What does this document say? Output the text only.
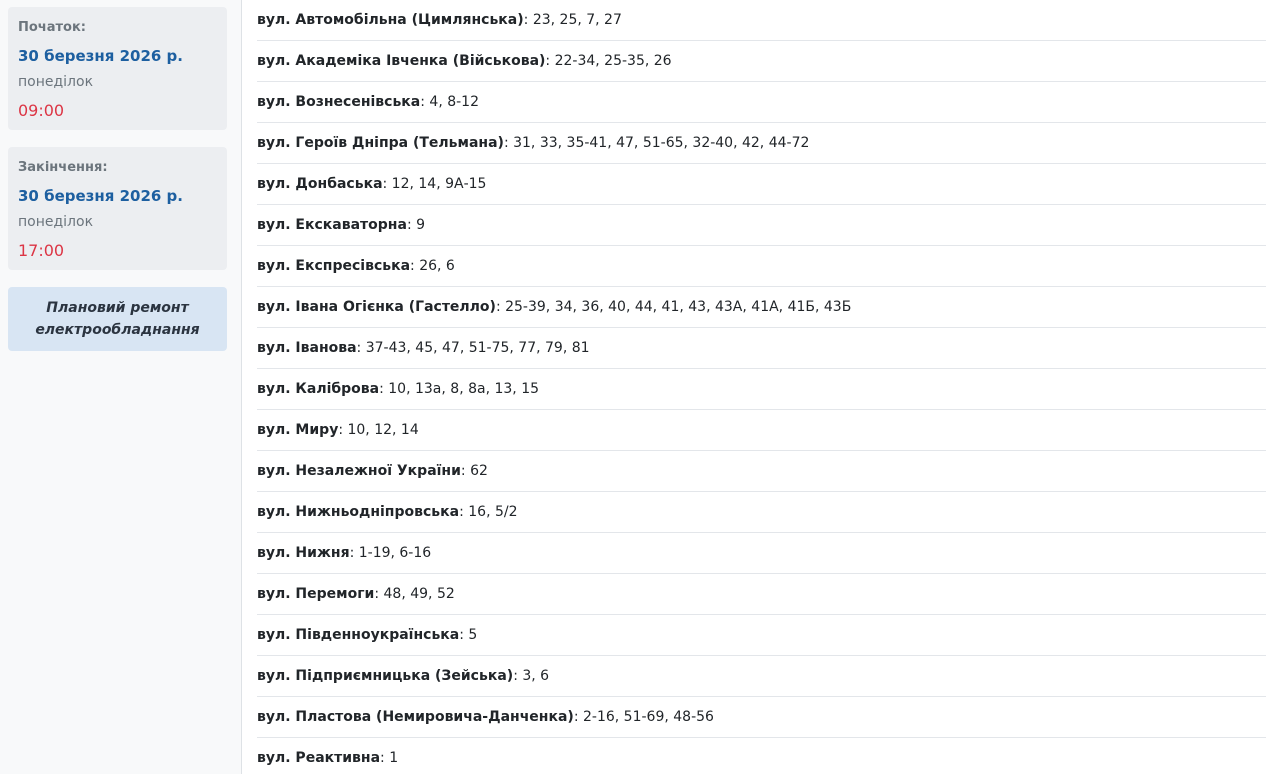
Початок:
30 березня 2026 р.
понеділок
09:00
Закінчення:
30 березня 2026 р.
понеділок
17:00
Плановий ремонт електрообладнання
вул. Автомобільна (Цимлянська): 23, 25, 7, 27
вул. Академіка Івченка (Військова): 22-34, 25-35, 26
вул. Вознесенівська: 4, 8-12
вул. Героїв Дніпра (Тельмана): 31, 33, 35-41, 47, 51-65, 32-40, 42, 44-72
вул. Донбаська: 12, 14, 9А-15
вул. Екскаваторна: 9
вул. Експресівська: 26, 6
вул. Івана Огієнка (Гастелло): 25-39, 34, 36, 40, 44, 41, 43, 43А, 41А, 41Б, 43Б
вул. Іванова: 37-43, 45, 47, 51-75, 77, 79, 81
вул. Каліброва: 10, 13а, 8, 8а, 13, 15
вул. Миру: 10, 12, 14
вул. Незалежної України: 62
вул. Нижньодніпровська: 16, 5/2
вул. Нижня: 1-19, 6-16
вул. Перемоги: 48, 49, 52
вул. Південноукраїнська: 5
вул. Підприємницька (Зейська): 3, 6
вул. Пластова (Немировича-Данченка): 2-16, 51-69, 48-56
вул. Реактивна: 1
